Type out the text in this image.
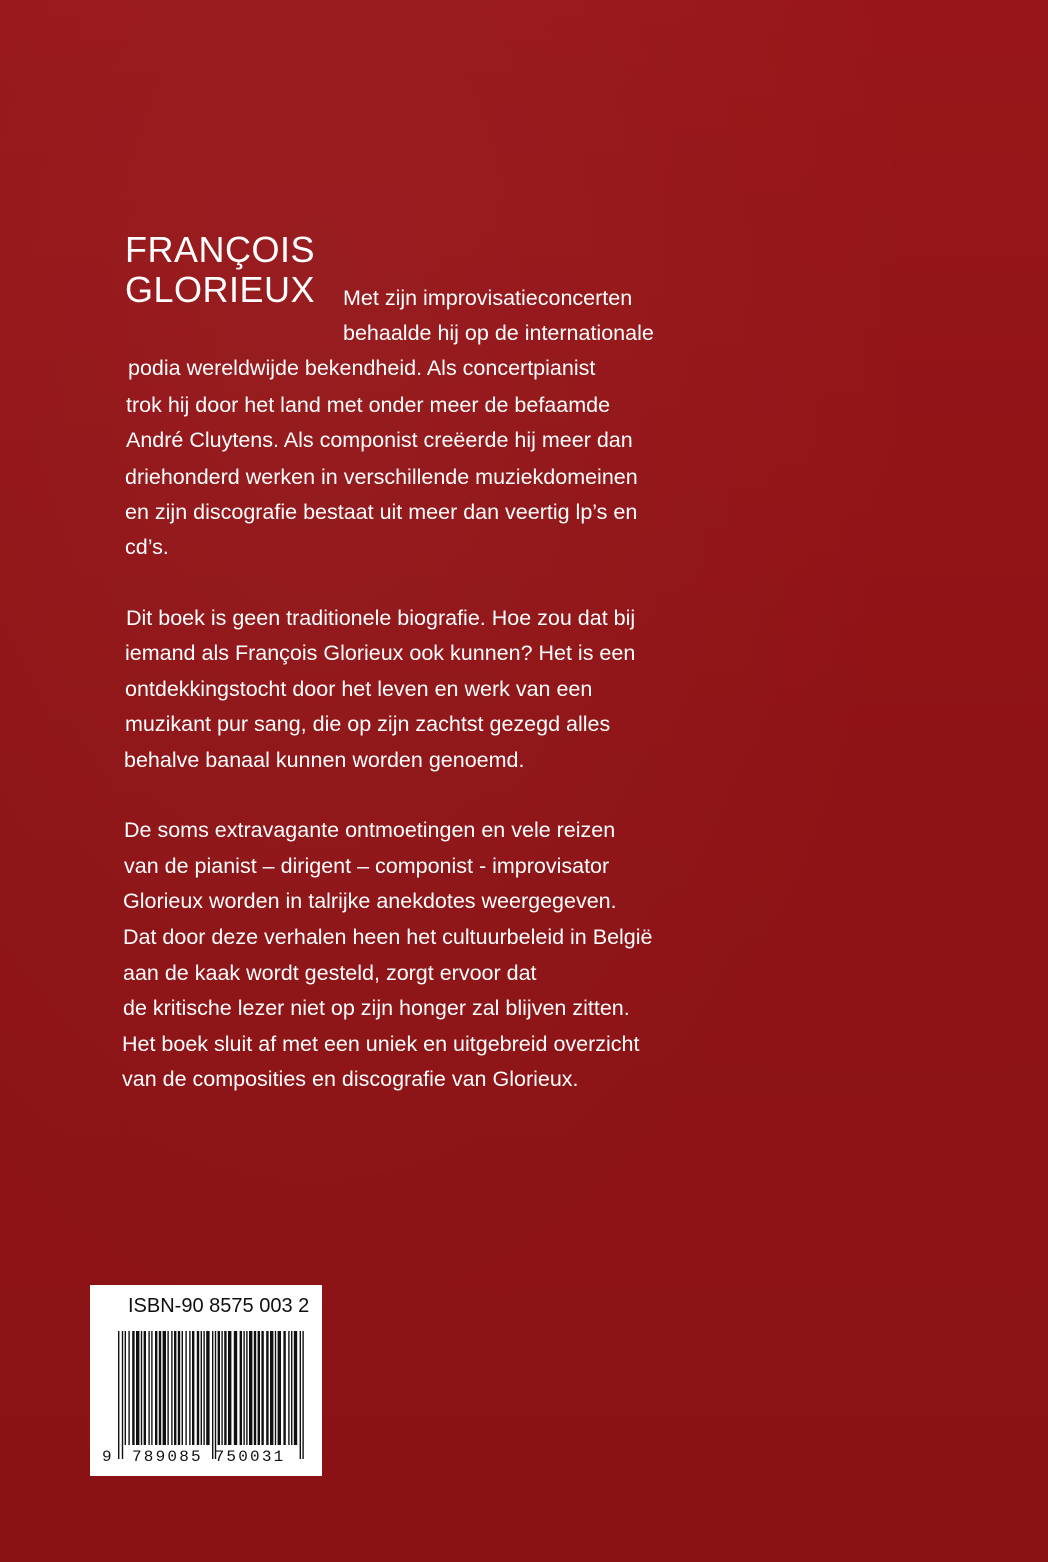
FRANÇOIS
GLORIEUX Met zijn improvisatieconcerten
behaalde hij op de internationale
podia wereldwijde bekendheid. Als concertpianist
trok hij door het land met onder meer de befaamde
André Cluytens. Als componist creëerde hij meer dan
driehonderd werken in verschillende muziekdomeinen
en zijn discografie bestaat uit meer dan veertig lp’s en
cd’s.
Dit boek is geen traditionele biografie. Hoe zou dat bij
iemand als François Glorieux ook kunnen? Het is een
ontdekkingstocht door het leven en werk van een
muzikant pur sang, die op zijn zachtst gezegd alles
behalve banaal kunnen worden genoemd.
De soms extravagante ontmoetingen en vele reizen
van de pianist – dirigent – componist - improvisator
Glorieux worden in talrijke anekdotes weergegeven.
Dat door deze verhalen heen het cultuurbeleid in België
aan de kaak wordt gesteld, zorgt ervoor dat
de kritische lezer niet op zijn honger zal blijven zitten.
Het boek sluit af met een uniek en uitgebreid overzicht
van de composities en discografie van Glorieux.
ISBN-90 8575 003 2
9 789085 750031
